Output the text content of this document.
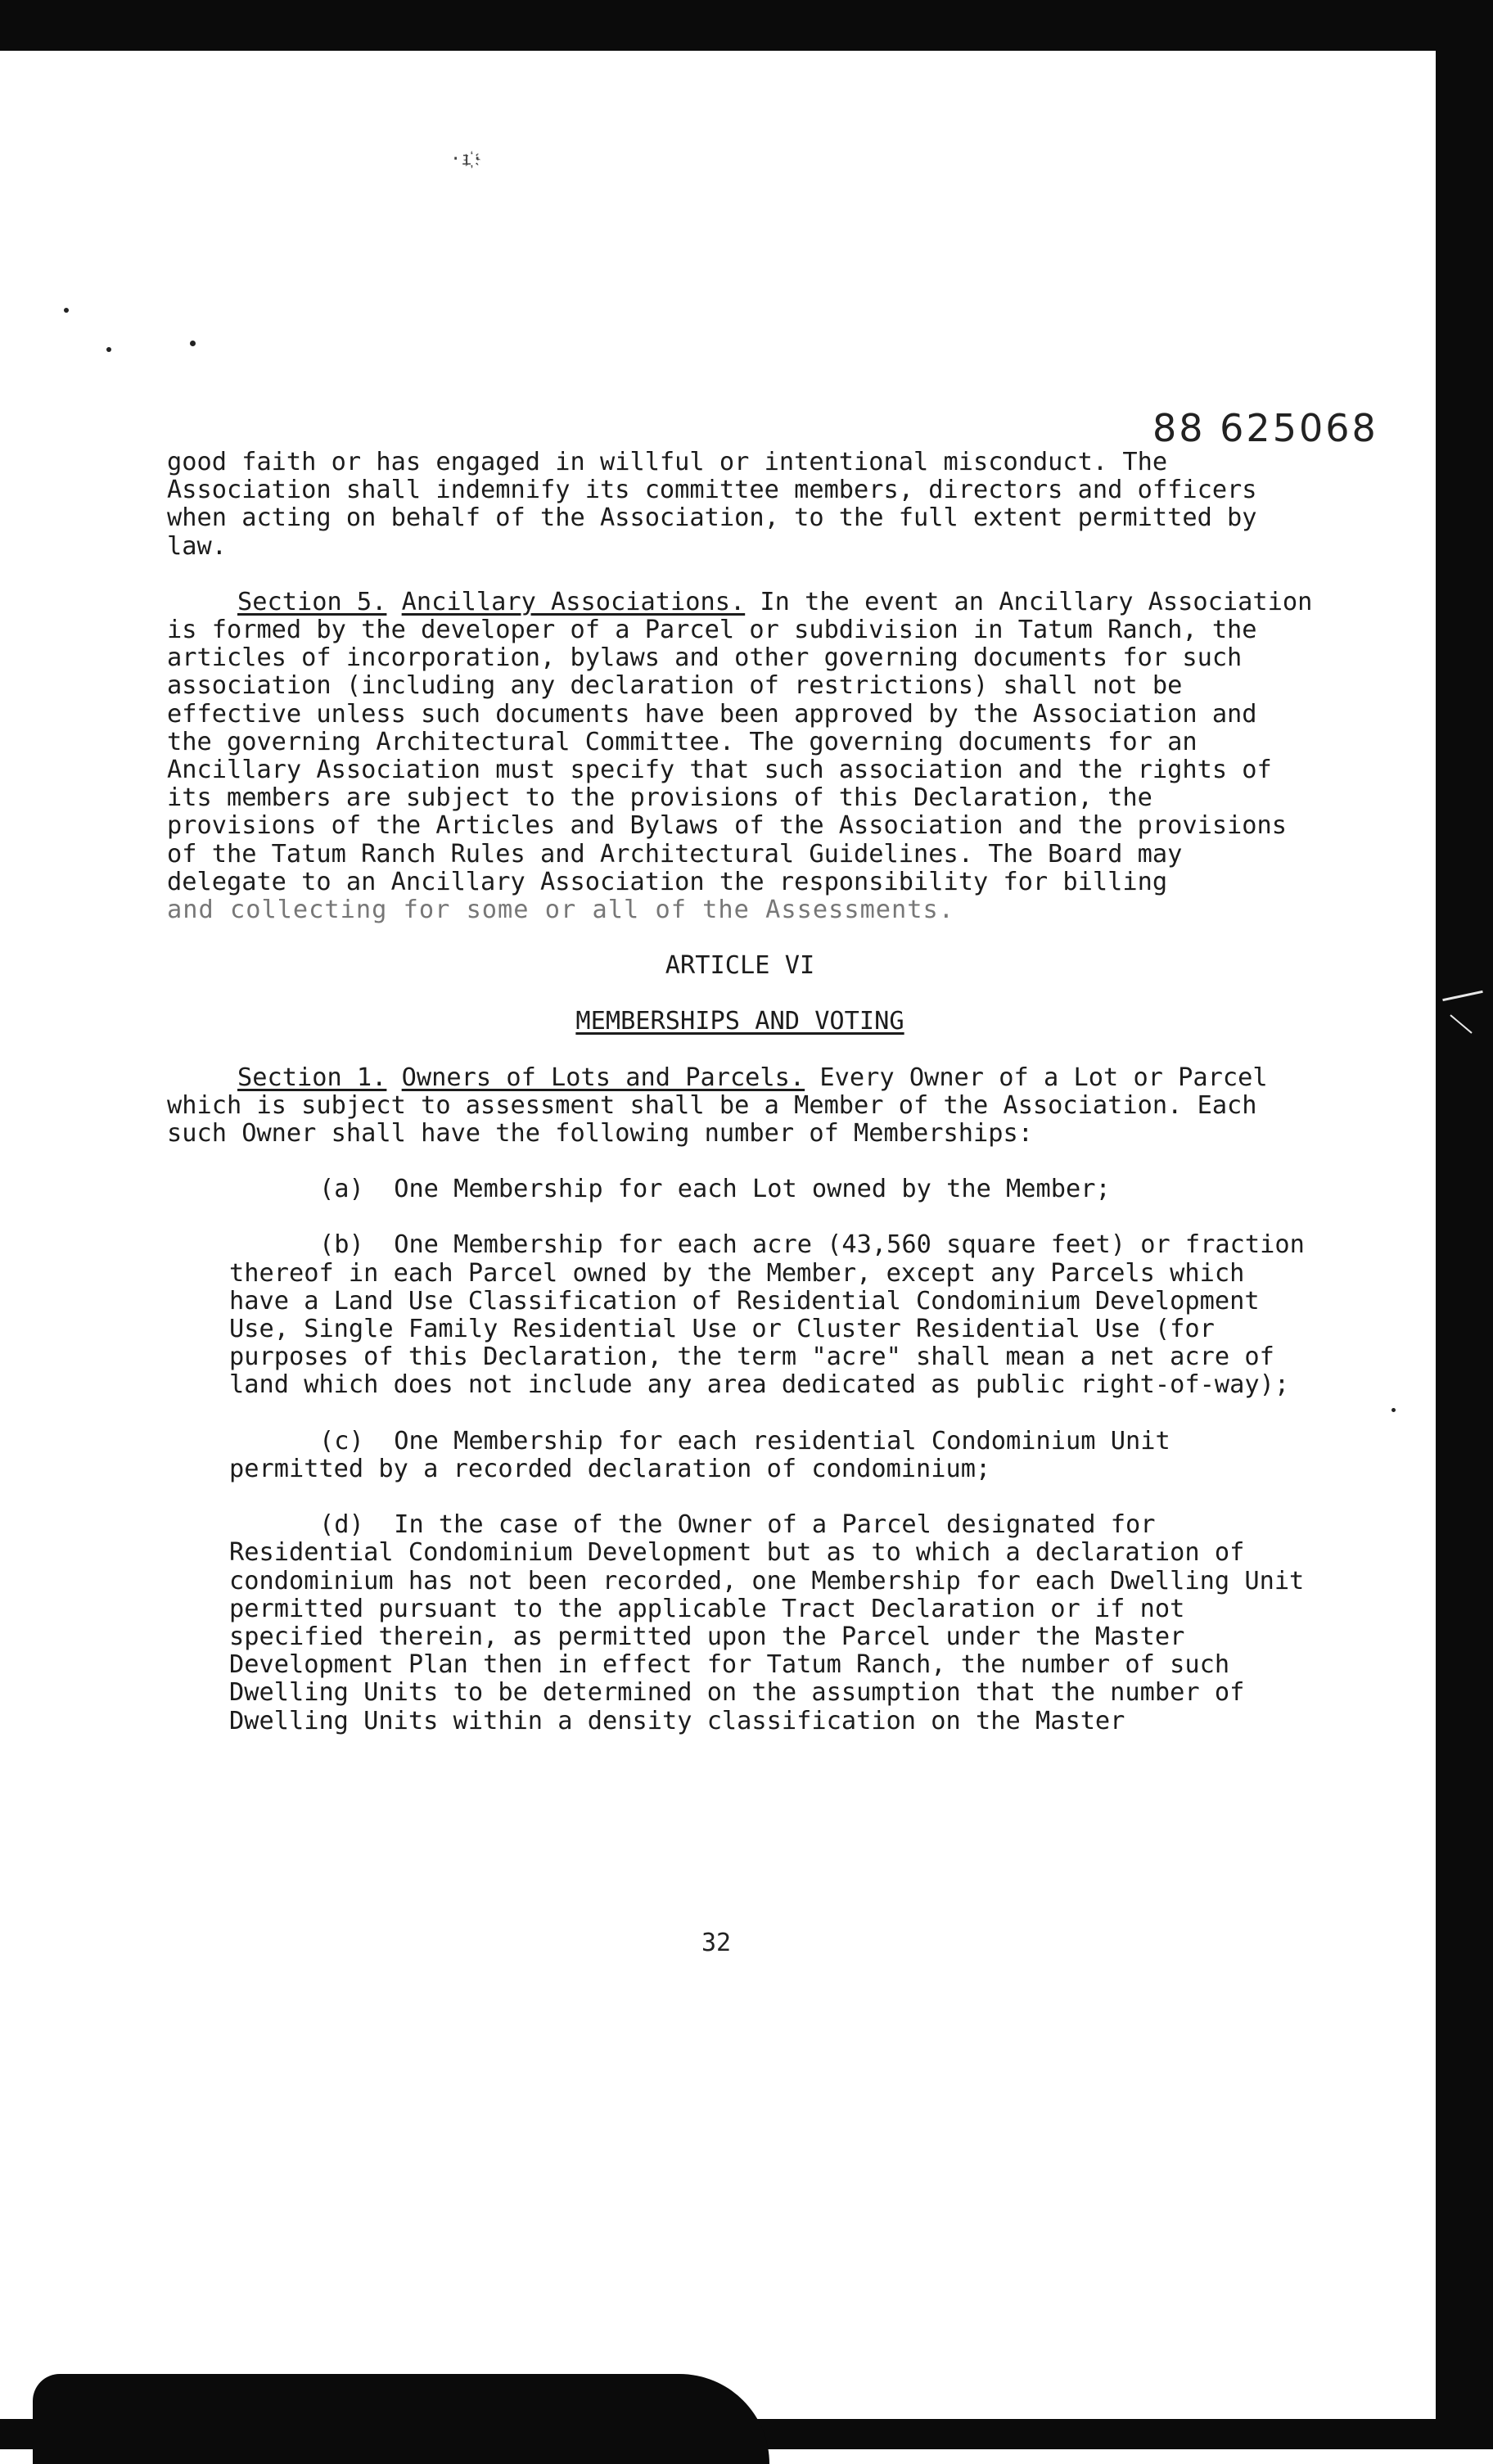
·ı҉·
88 625068

good faith or has engaged in willful or intentional misconduct. The Association shall indemnify its committee members, directors and officers when acting on behalf of the Association, to the full extent permitted by law.

Section 5. Ancillary Associations. In the event an Ancillary Association is formed by the developer of a Parcel or subdivision in Tatum Ranch, the articles of incorporation, bylaws and other governing documents for such association (including any declaration of restrictions) shall not be effective unless such documents have been approved by the Association and the governing Architectural Committee. The governing documents for an Ancillary Association must specify that such association and the rights of its members are subject to the provisions of this Declaration, the provisions of the Articles and Bylaws of the Association and the provisions of the Tatum Ranch Rules and Architectural Guidelines. The Board may delegate to an Ancillary Association the responsibility for billing
and collecting for some or all of the Assessments.

ARTICLE VI

MEMBERSHIPS AND VOTING

Section 1. Owners of Lots and Parcels. Every Owner of a Lot or Parcel which is subject to assessment shall be a Member of the Association. Each such Owner shall have the following number of Memberships:

(a)  One Membership for each Lot owned by the Member;

(b)  One Membership for each acre (43,560 square feet) or fraction thereof in each Parcel owned by the Member, except any Parcels which have a Land Use Classification of Residential Condominium Development Use, Single Family Residential Use or Cluster Residential Use (for purposes of this Declaration, the term "acre" shall mean a net acre of land which does not include any area dedicated as public right-of-way);

(c)  One Membership for each residential Condominium Unit permitted by a recorded declaration of condominium;

(d)  In the case of the Owner of a Parcel designated for Residential Condominium Development but as to which a declaration of condominium has not been recorded, one Membership for each Dwelling Unit permitted pursuant to the applicable Tract Declaration or if not specified therein, as permitted upon the Parcel under the Master Development Plan then in effect for Tatum Ranch, the number of such Dwelling Units to be determined on the assumption that the number of Dwelling Units within a density classification on the Master

32
